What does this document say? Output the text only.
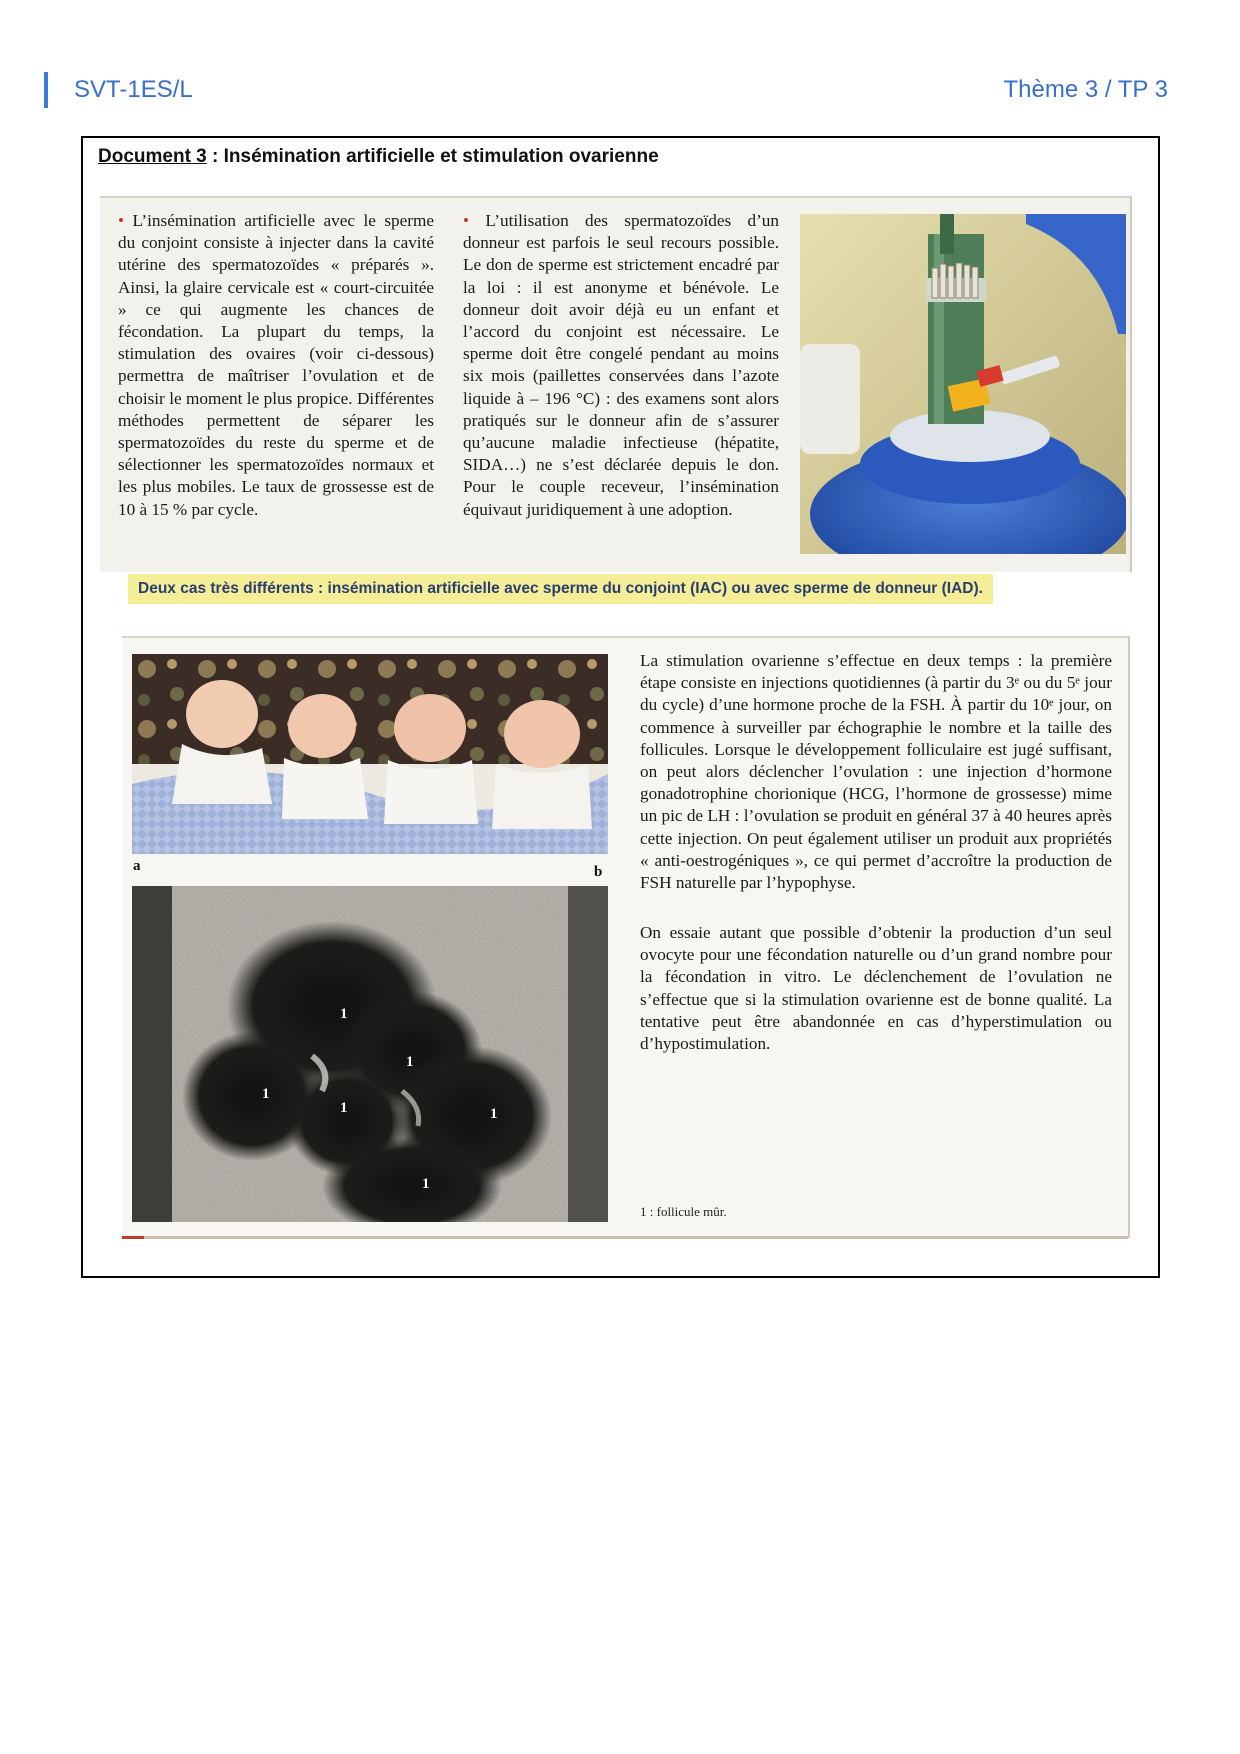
SVT-1ES/L	Thème 3 / TP 3
Document 3 : Insémination artificielle et stimulation ovarienne
• L’insémination artificielle avec le sperme du conjoint consiste à injecter dans la cavité utérine des spermatozoïdes « préparés ». Ainsi, la glaire cervicale est « court-circuitée » ce qui augmente les chances de fécondation. La plupart du temps, la stimulation des ovaires (voir ci-dessous) permettra de maîtriser l’ovulation et de choisir le moment le plus propice. Différentes méthodes permettent de séparer les spermatozoïdes du reste du sperme et de sélectionner les spermatozoïdes normaux et les plus mobiles. Le taux de grossesse est de 10 à 15 % par cycle.
• L’utilisation des spermatozoïdes d’un donneur est parfois le seul recours possible. Le don de sperme est strictement encadré par la loi : il est anonyme et bénévole. Le donneur doit avoir déjà eu un enfant et l’accord du conjoint est nécessaire. Le sperme doit être congelé pendant au moins six mois (paillettes conservées dans l’azote liquide à – 196 °C) : des examens sont alors pratiqués sur le donneur afin de s’assurer qu’aucune maladie infectieuse (hépatite, SIDA…) ne s’est déclarée depuis le don. Pour le couple receveur, l’insémination équivaut juridiquement à une adoption.
Deux cas très différents : insémination artificielle avec sperme du conjoint (IAC) ou avec sperme de donneur (IAD).
a	b
1
1
1
1	1
1
La stimulation ovarienne s’effectue en deux temps : la première étape consiste en injections quotidiennes (à partir du 3ᵉ ou du 5ᵉ jour du cycle) d’une hormone proche de la FSH. À partir du 10ᵉ jour, on commence à surveiller par échographie le nombre et la taille des follicules. Lorsque le développement folliculaire est jugé suffisant, on peut alors déclencher l’ovulation : une injection d’hormone gonadotrophine chorionique (HCG, l’hormone de grossesse) mime un pic de LH : l’ovulation se produit en général 37 à 40 heures après cette injection. On peut également utiliser un produit aux propriétés « anti-oestrogéniques », ce qui permet d’accroître la production de FSH naturelle par l’hypophyse.
On essaie autant que possible d’obtenir la production d’un seul ovocyte pour une fécondation naturelle ou d’un grand nombre pour la fécondation in vitro. Le déclenchement de l’ovulation ne s’effectue que si la stimulation ovarienne est de bonne qualité. La tentative peut être abandonnée en cas d’hyperstimulation ou d’hypostimulation.
1 : follicule mûr.
